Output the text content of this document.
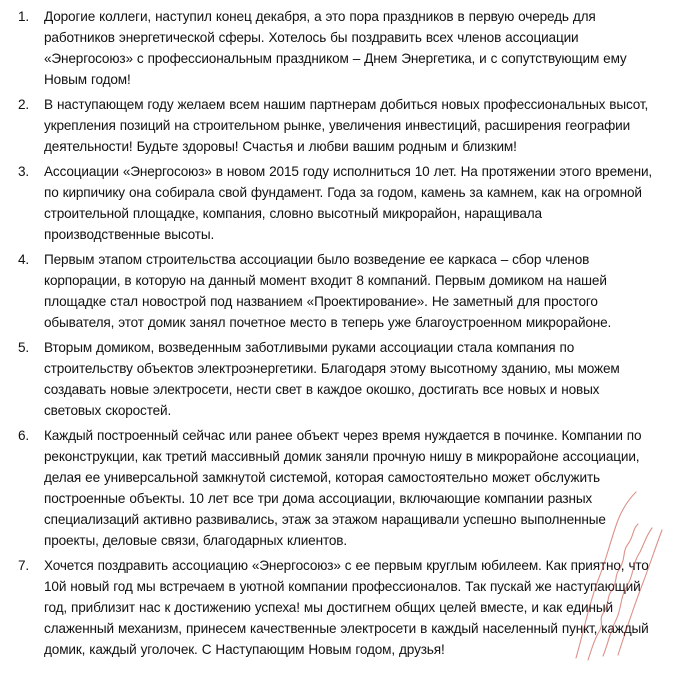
1.	Дорогие коллеги, наступил конец декабря, а это пора праздников в первую очередь для работников энергетической сферы. Хотелось бы поздравить всех членов ассоциации «Энергосоюз» с профессиональным праздником – Днем Энергетика, и с сопутствующим ему Новым годом!
2.	В наступающем году желаем всем нашим партнерам добиться новых профессиональных высот, укрепления позиций на строительном рынке, увеличения инвестиций, расширения географии деятельности! Будьте здоровы! Счастья и любви вашим родным и близким!
3.	Ассоциации «Энергосоюз» в новом 2015 году исполниться 10 лет. На протяжении этого времени, по кирпичику она собирала свой фундамент. Года за годом, камень за камнем, как на огромной строительной площадке, компания, словно высотный микрорайон, наращивала производственные высоты.
4.	Первым этапом строительства ассоциации было возведение ее каркаса – сбор членов корпорации, в которую на данный момент входит 8 компаний. Первым домиком на нашей площадке стал новострой под названием «Проектирование». Не заметный для простого обывателя, этот домик занял почетное место в теперь уже благоустроенном микрорайоне.
5.	Вторым домиком, возведенным заботливыми руками ассоциации стала компания по строительству объектов электроэнергетики. Благодаря этому высотному зданию, мы можем создавать новые электросети, нести свет в каждое окошко, достигать все новых и новых световых скоростей.
6.	Каждый построенный сейчас или ранее объект через время нуждается в починке. Компании по реконструкции, как третий массивный домик заняли прочную нишу в микрорайоне ассоциации, делая ее универсальной замкнутой системой, которая самостоятельно может обслужить построенные объекты. 10 лет все три дома ассоциации, включающие компании разных специализаций активно развивались, этаж за этажом наращивали успешно выполненные проекты, деловые связи, благодарных клиентов.
7.	Хочется поздравить ассоциацию «Энергосоюз» с ее первым круглым юбилеем. Как приятно, что 10й новый год мы встречаем в уютной компании профессионалов. Так пускай же наступающий год, приблизит нас к достижению успеха! мы достигнем общих целей вместе, и как единый слаженный механизм, принесем качественные электросети в каждый населенный пункт, каждый домик, каждый уголочек. С Наступающим Новым годом, друзья!
